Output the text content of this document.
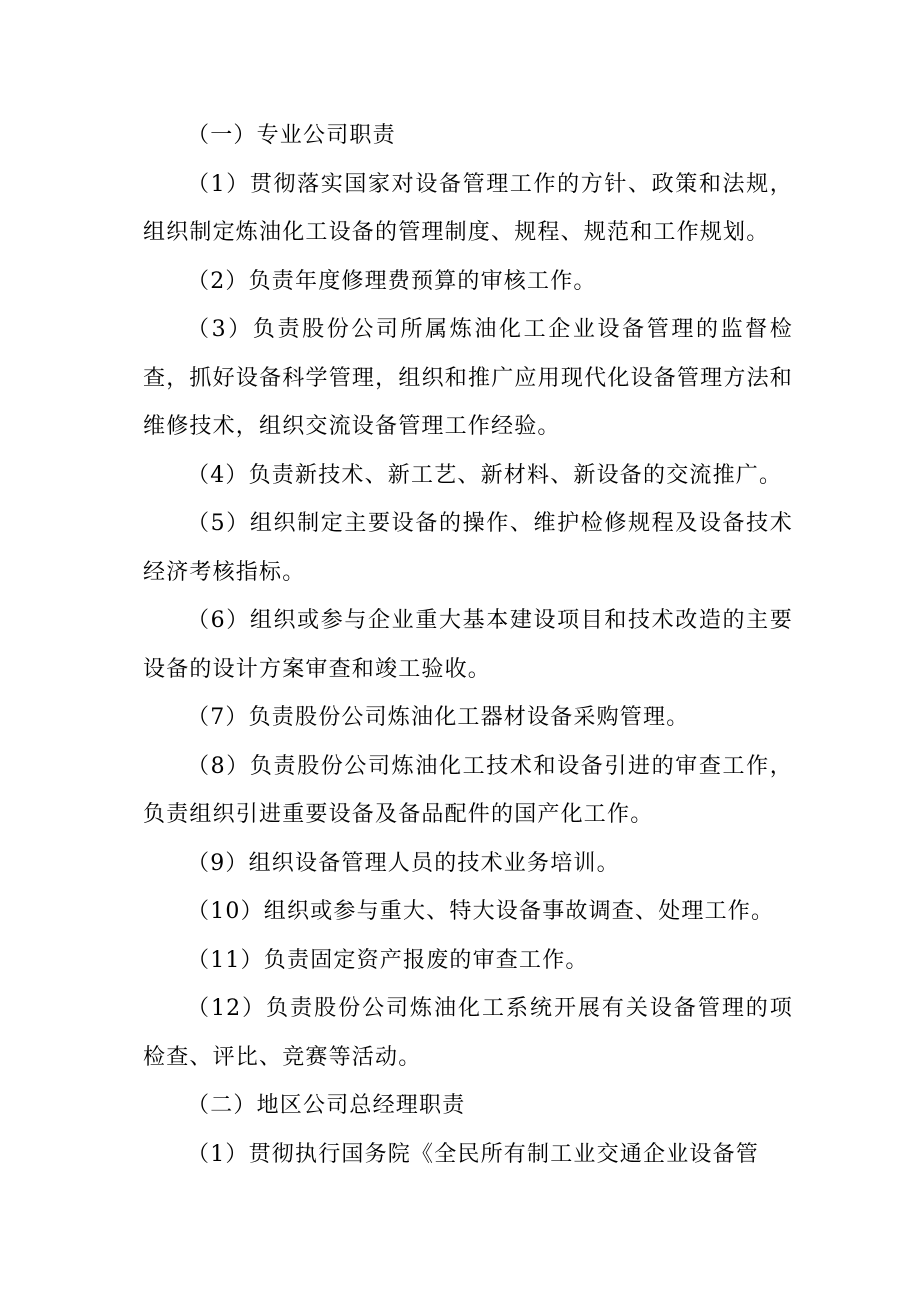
（一）专业公司职责

（1）贯彻落实国家对设备管理工作的方针、政策和法规，组织制定炼油化工设备的管理制度、规程、规范和工作规划。

（2）负责年度修理费预算的审核工作。

（3）负责股份公司所属炼油化工企业设备管理的监督检查，抓好设备科学管理，组织和推广应用现代化设备管理方法和维修技术，组织交流设备管理工作经验。

（4）负责新技术、新工艺、新材料、新设备的交流推广。

（5）组织制定主要设备的操作、维护检修规程及设备技术经济考核指标。

（6）组织或参与企业重大基本建设项目和技术改造的主要设备的设计方案审查和竣工验收。

（7）负责股份公司炼油化工器材设备采购管理。

（8）负责股份公司炼油化工技术和设备引进的审查工作，负责组织引进重要设备及备品配件的国产化工作。

（9）组织设备管理人员的技术业务培训。

（10）组织或参与重大、特大设备事故调查、处理工作。

（11）负责固定资产报废的审查工作。

（12）负责股份公司炼油化工系统开展有关设备管理的项检查、评比、竞赛等活动。

（二）地区公司总经理职责

（1）贯彻执行国务院《全民所有制工业交通企业设备管
